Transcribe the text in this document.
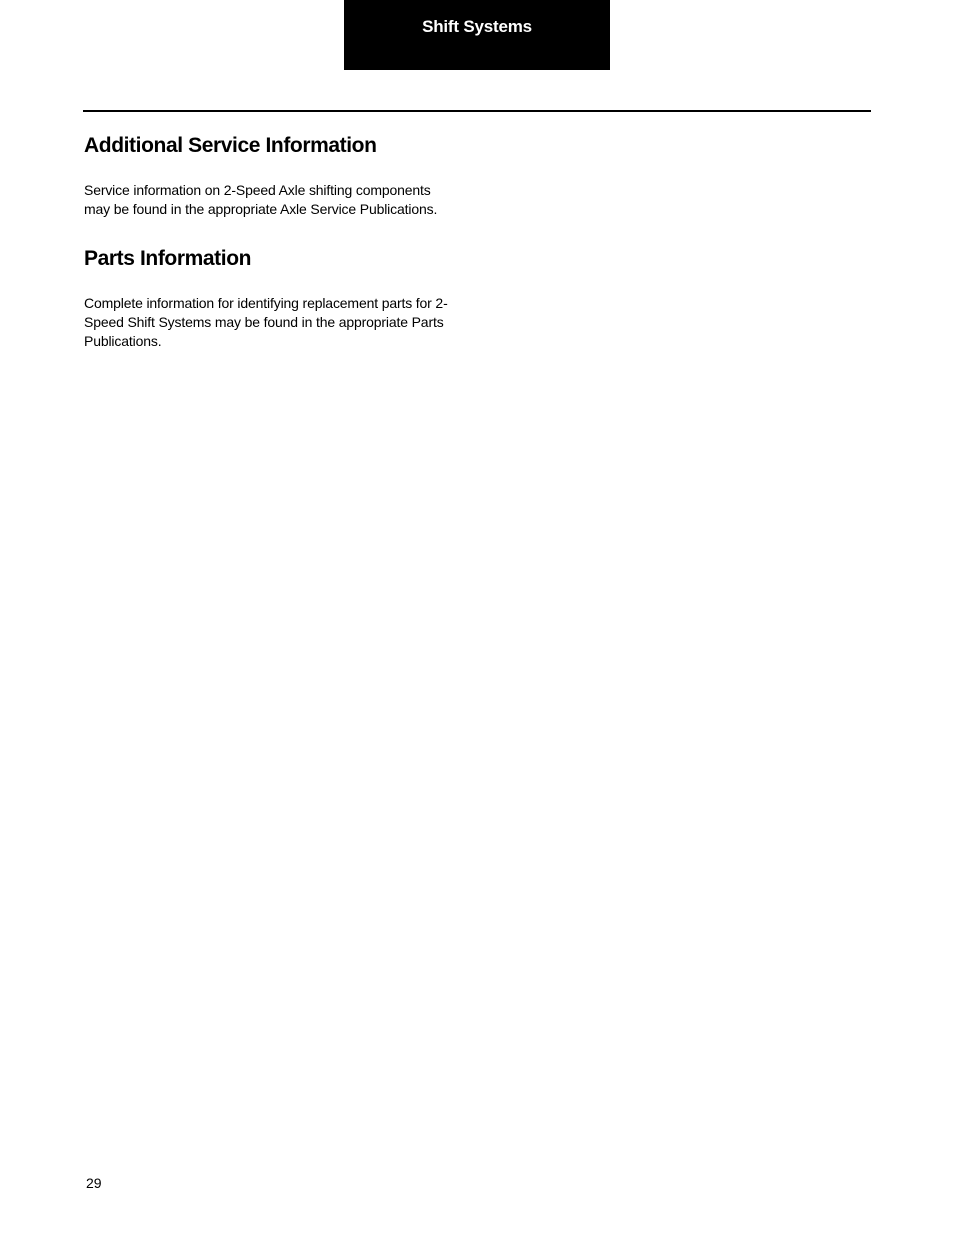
Shift Systems
Additional Service Information

Service information on 2-Speed Axle shifting components
may be found in the appropriate Axle Service Publications.

Parts Information

Complete information for identifying replacement parts for 2-
Speed Shift Systems may be found in the appropriate Parts
Publications.

29
